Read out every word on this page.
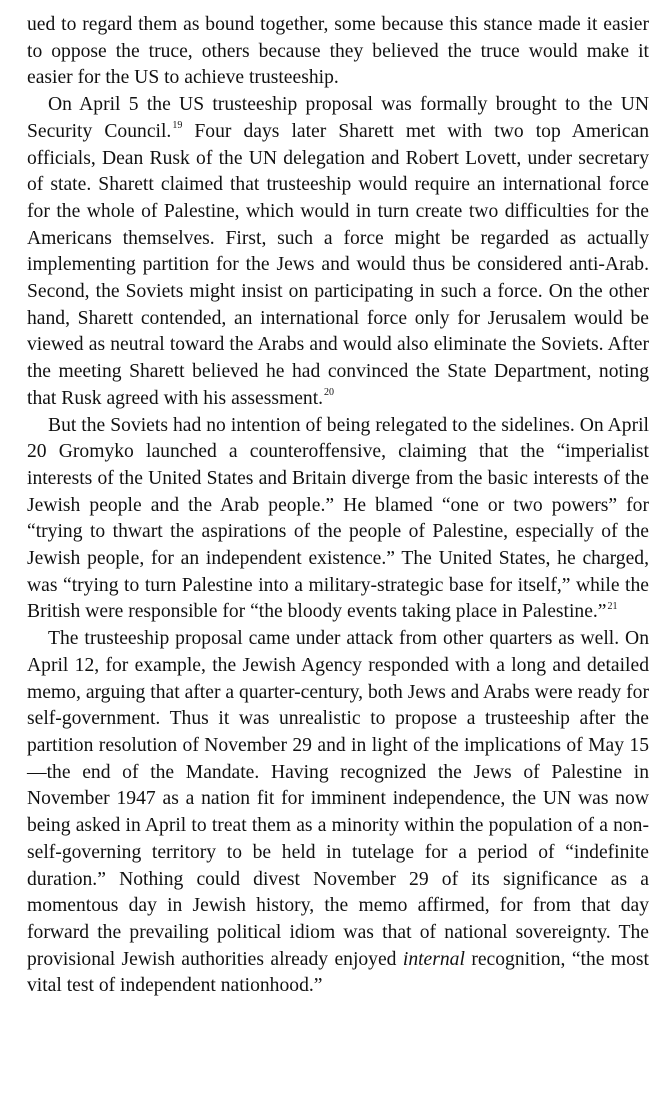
ued to regard them as bound together, some because this stance made it easier to oppose the truce, others because they believed the truce would make it easier for the US to achieve trusteeship.

On April 5 the US trusteeship proposal was formally brought to the UN Security Council.$^{19}$ Four days later Sharett met with two top American officials, Dean Rusk of the UN delegation and Robert Lovett, under secretary of state. Sharett claimed that trusteeship would require an international force for the whole of Palestine, which would in turn create two difficulties for the Americans themselves. First, such a force might be regarded as actually implementing partition for the Jews and would thus be considered anti-Arab. Second, the Soviets might insist on participating in such a force. On the other hand, Sharett contended, an international force only for Jerusalem would be viewed as neutral toward the Arabs and would also eliminate the Soviets. After the meeting Sharett believed he had convinced the State Department, noting that Rusk agreed with his assessment.$^{20}$

But the Soviets had no intention of being relegated to the sidelines. On April 20 Gromyko launched a counteroffensive, claiming that the “imperialist interests of the United States and Britain diverge from the basic interests of the Jewish people and the Arab people.” He blamed “one or two powers” for “trying to thwart the aspirations of the people of Palestine, especially of the Jewish people, for an independent existence.” The United States, he charged, was “trying to turn Palestine into a military-strategic base for itself,” while the British were responsible for “the bloody events taking place in Palestine.”$^{21}$

The trusteeship proposal came under attack from other quarters as well. On April 12, for example, the Jewish Agency responded with a long and detailed memo, arguing that after a quarter-century, both Jews and Arabs were ready for self-government. Thus it was unrealistic to propose a trusteeship after the partition resolution of November 29 and in light of the implications of May 15—the end of the Mandate. Having recognized the Jews of Palestine in November 1947 as a nation fit for imminent independence, the UN was now being asked in April to treat them as a minority within the population of a non-self-governing territory to be held in tutelage for a period of “indefinite duration.” Nothing could divest November 29 of its significance as a momentous day in Jewish history, the memo affirmed, for from that day forward the prevailing political idiom was that of national sovereignty. The provisional Jewish authorities already enjoyed internal recognition, “the most vital test of independent nationhood.”
